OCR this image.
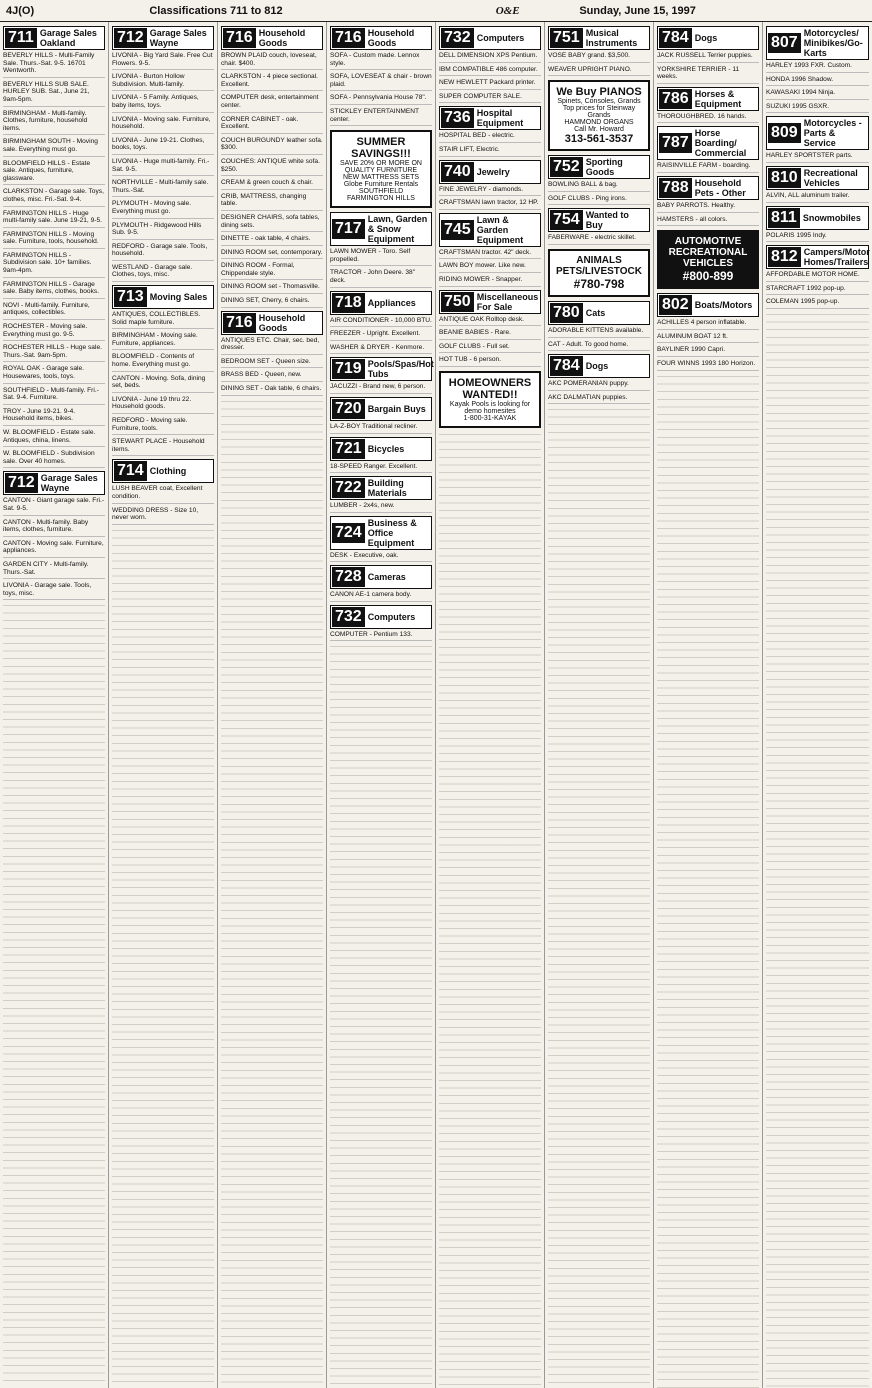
4J(O)	Classifications 711 to 812	O&E	Sunday, June 15, 1997
711 Garage Sales Oakland
BEVERLY HILLS - Multi-Family Sale. Thurs.-Sat. 9-5. 16701 Wentworth.
BEVERLY HILLS SUB SALE. HURLEY SUB. Sat., June 21, 9am-5pm.
BIRMINGHAM - Multi-family. Clothes, furniture, household items.
BIRMINGHAM SOUTH - Moving sale. Everything must go.
BLOOMFIELD HILLS - Estate sale. Antiques, furniture, glassware.
CLARKSTON - Garage sale. Toys, clothes, misc. Fri.-Sat. 9-4.
FARMINGTON HILLS - Huge multi-family sale. June 19-21, 9-5.
FARMINGTON HILLS - Moving sale. Furniture, tools, household.
FARMINGTON HILLS - Subdivision sale. 10+ families. 9am-4pm.
FARMINGTON HILLS - Garage sale. Baby items, clothes, books.
NOVI - Multi-family. Furniture, antiques, collectibles.
ROCHESTER - Moving sale. Everything must go. 9-5.
ROCHESTER HILLS - Huge sale. Thurs.-Sat. 9am-5pm.
ROYAL OAK - Garage sale. Housewares, tools, toys.
SOUTHFIELD - Multi-family. Fri.-Sat. 9-4. Furniture.
TROY - June 19-21. 9-4. Household items, bikes.
W. BLOOMFIELD - Estate sale. Antiques, china, linens.
W. BLOOMFIELD - Subdivision sale. Over 40 homes.
712 Garage Sales Wayne
CANTON - Giant garage sale. Fri.-Sat. 9-5.
CANTON - Multi-family. Baby items, clothes, furniture.
CANTON - Moving sale. Furniture, appliances.
GARDEN CITY - Multi-family. Thurs.-Sat.
LIVONIA - Garage sale. Tools, toys, misc.
712 Garage Sales Wayne
LIVONIA - Big Yard Sale. Free Cut Flowers. 9-5.
LIVONIA - Burton Hollow Subdivision. Multi-family.
LIVONIA - 5 Family. Antiques, baby items, toys.
LIVONIA - Moving sale. Furniture, household.
LIVONIA - June 19-21. Clothes, books, toys.
LIVONIA - Huge multi-family. Fri.-Sat. 9-5.
NORTHVILLE - Multi-family sale. Thurs.-Sat.
PLYMOUTH - Moving sale. Everything must go.
PLYMOUTH - Ridgewood Hills Sub. 9-5.
REDFORD - Garage sale. Tools, household.
WESTLAND - Garage sale. Clothes, toys, misc.
713 Moving Sales
ANTIQUES, COLLECTIBLES. Solid maple furniture.
BIRMINGHAM - Moving sale. Furniture, appliances.
BLOOMFIELD - Contents of home. Everything must go.
CANTON - Moving. Sofa, dining set, beds.
LIVONIA - June 19 thru 22. Household goods.
REDFORD - Moving sale. Furniture, tools.
STEWART PLACE - Household items.
714 Clothing
LUSH BEAVER coat, Excellent condition.
WEDDING DRESS - Size 10, never worn.
716 Household Goods
BROWN PLAID couch, loveseat, chair. $400.
CLARKSTON - 4 piece sectional. Excellent.
COMPUTER desk, entertainment center.
CORNER CABINET - oak. Excellent.
COUCH BURGUNDY leather sofa. $300.
COUCHES: ANTIQUE white sofa. $250.
CREAM & green couch & chair.
CRIB, MATTRESS, changing table.
DESIGNER CHAIRS, sofa tables, dining sets.
DINETTE - oak table, 4 chairs.
DINING ROOM set, contemporary.
DINING ROOM - Formal, Chippendale style.
DINING ROOM set - Thomasville.
DINING SET, Cherry, 6 chairs.
716 Household Goods
ANTIQUES ETC. Chair, sec. bed, dresser.
BEDROOM SET - Queen size.
BRASS BED - Queen, new.
DINING SET - Oak table, 6 chairs.
716 Household Goods
SOFA - Custom made. Lennox style.
SOFA, LOVESEAT & chair - brown plaid.
SOFA - Pennsylvania House 78".
STICKLEY ENTERTAINMENT center.
SUMMER SAVINGS!!!
SAVE 20% OR MORE ON QUALITY FURNITURE
NEW MATTRESS SETS
Globe Furniture Rentals
SOUTHFIELD
FARMINGTON HILLS
717
Lawn, Garden & Snow Equipment
LAWN MOWER - Toro. Self propelled.
TRACTOR - John Deere. 38" deck.
718 Appliances
AIR CONDITIONER - 10,000 BTU.
FREEZER - Upright. Excellent.
WASHER & DRYER - Kenmore.
719 Pools/Spas/Hot Tubs
JACUZZI - Brand new, 6 person.
720 Bargain Buys
LA-Z-BOY Traditional recliner.
721 Bicycles
18-SPEED Ranger. Excellent.
722 Building Materials
LUMBER - 2x4s, new.
724
Business & Office Equipment
DESK - Executive, oak.
728 Cameras
CANON AE-1 camera body.
732 Computers
COMPUTER - Pentium 133.
732 Computers
DELL DIMENSION XPS Pentium.
IBM COMPATIBLE 486 computer.
NEW HEWLETT Packard printer.
SUPER COMPUTER SALE.
736 Hospital Equipment
HOSPITAL BED - electric.
STAIR LIFT, Electric.
740 Jewelry
FINE JEWELRY - diamonds.
CRAFTSMAN lawn tractor, 12 HP.
745
Lawn & Garden Equipment
CRAFTSMAN tractor. 42" deck.
LAWN BOY mower. Like new.
RIDING MOWER - Snapper.
750 Miscellaneous For Sale
ANTIQUE OAK Rolltop desk.
BEANIE BABIES - Rare.
GOLF CLUBS - Full set.
HOT TUB - 6 person.
HOMEOWNERS WANTED!!
Kayak Pools is looking for demo homesites
1-800-31-KAYAK
751 Musical Instruments
VOSE BABY grand. $3,500.
WEAVER UPRIGHT PIANO.
We Buy PIANOS
Spinets, Consoles, Grands
Top prices for Steinway Grands
HAMMOND ORGANS
Call Mr. Howard
313-561-3537
752 Sporting Goods
BOWLING BALL & bag.
GOLF CLUBS - Ping irons.
754 Wanted to Buy
FABERWARE - electric skillet.
ANIMALS PETS/LIVESTOCK
#780-798
780 Cats
ADORABLE KITTENS available.
CAT - Adult. To good home.
784 Dogs
AKC POMERANIAN puppy.
AKC DALMATIAN puppies.
784 Dogs
JACK RUSSELL Terrier puppies.
YORKSHIRE TERRIER - 11 weeks.
786 Horses & Equipment
THOROUGHBRED. 16 hands.
787
Horse Boarding/ Commercial
RAISINVILLE FARM - boarding.
788 Household Pets - Other
BABY PARROTS. Healthy.
HAMSTERS - all colors.
AUTOMOTIVE RECREATIONAL VEHICLES
#800-899
802 Boats/Motors
ACHILLES 4 person inflatable.
ALUMINUM BOAT 12 ft.
BAYLINER 1990 Capri.
FOUR WINNS 1993 180 Horizon.
807
Motorcycles/ Minibikes/Go-Karts
HARLEY 1993 FXR. Custom.
HONDA 1996 Shadow.
KAWASAKI 1994 Ninja.
SUZUKI 1995 GSXR.
809
Motorcycles - Parts & Service
HARLEY SPORTSTER parts.
810 Recreational Vehicles
ALVIN, ALL aluminum trailer.
811 Snowmobiles
POLARIS 1995 Indy.
812 Campers/Motor Homes/Trailers
AFFORDABLE MOTOR HOME.
STARCRAFT 1992 pop-up.
COLEMAN 1995 pop-up.
